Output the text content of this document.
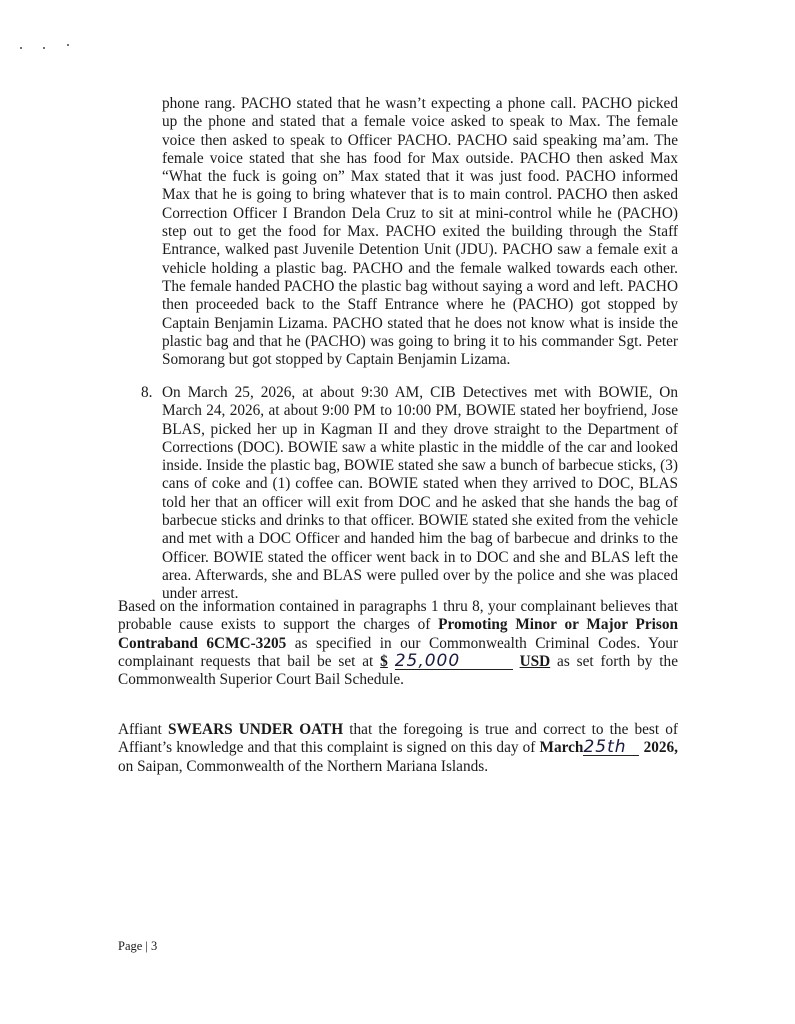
phone rang. PACHO stated that he wasn’t expecting a phone call. PACHO picked up the phone and stated that a female voice asked to speak to Max. The female voice then asked to speak to Officer PACHO. PACHO said speaking ma’am. The female voice stated that she has food for Max outside. PACHO then asked Max “What the fuck is going on” Max stated that it was just food. PACHO informed Max that he is going to bring whatever that is to main control. PACHO then asked Correction Officer I Brandon Dela Cruz to sit at mini-control while he (PACHO) step out to get the food for Max. PACHO exited the building through the Staff Entrance, walked past Juvenile Detention Unit (JDU). PACHO saw a female exit a vehicle holding a plastic bag. PACHO and the female walked towards each other. The female handed PACHO the plastic bag without saying a word and left. PACHO then proceeded back to the Staff Entrance where he (PACHO) got stopped by Captain Benjamin Lizama. PACHO stated that he does not know what is inside the plastic bag and that he (PACHO) was going to bring it to his commander Sgt. Peter Somorang but got stopped by Captain Benjamin Lizama.
8. On March 25, 2026, at about 9:30 AM, CIB Detectives met with BOWIE, On March 24, 2026, at about 9:00 PM to 10:00 PM, BOWIE stated her boyfriend, Jose BLAS, picked her up in Kagman II and they drove straight to the Department of Corrections (DOC). BOWIE saw a white plastic in the middle of the car and looked inside. Inside the plastic bag, BOWIE stated she saw a bunch of barbecue sticks, (3) cans of coke and (1) coffee can. BOWIE stated when they arrived to DOC, BLAS told her that an officer will exit from DOC and he asked that she hands the bag of barbecue sticks and drinks to that officer. BOWIE stated she exited from the vehicle and met with a DOC Officer and handed him the bag of barbecue and drinks to the Officer. BOWIE stated the officer went back in to DOC and she and BLAS left the area. Afterwards, she and BLAS were pulled over by the police and she was placed under arrest.
Based on the information contained in paragraphs 1 thru 8, your complainant believes that probable cause exists to support the charges of Promoting Minor or Major Prison Contraband 6CMC-3205 as specified in our Commonwealth Criminal Codes. Your complainant requests that bail be set at $ 25,000	USD as set forth by the Commonwealth Superior Court Bail Schedule.
Affiant SWEARS UNDER OATH that the foregoing is true and correct to the best of Affiant’s knowledge and that this complaint is signed on this day of March25th 2026, on Saipan, Commonwealth of the Northern Mariana Islands.
Page | 3
